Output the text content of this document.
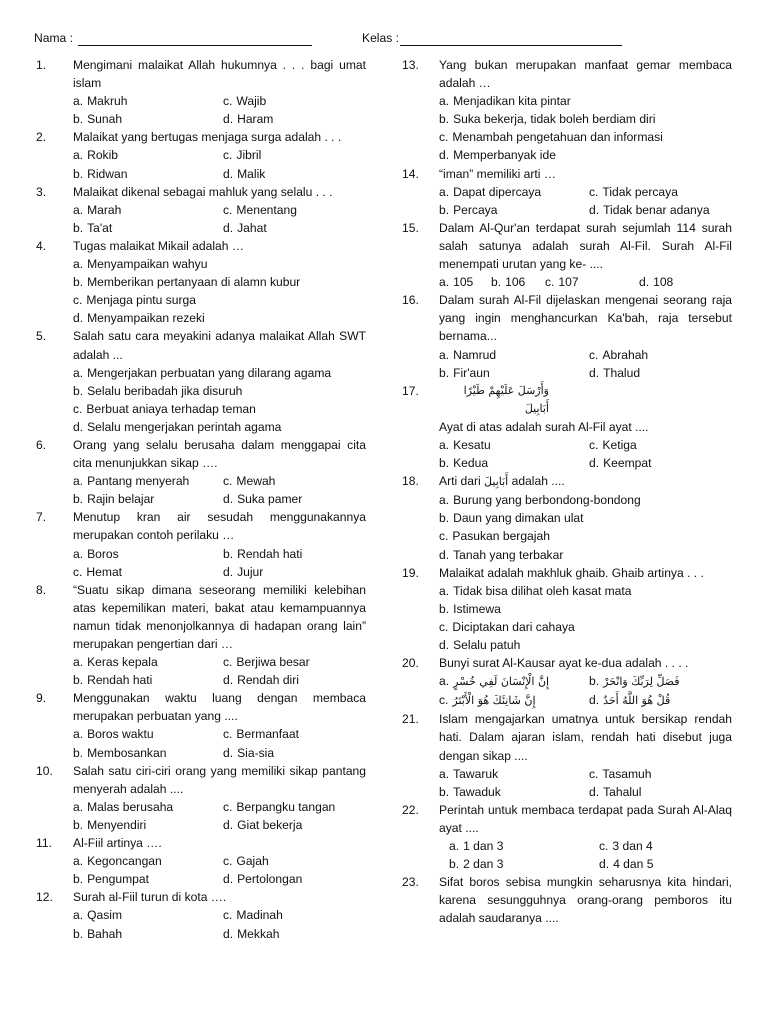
Nama :	Kelas :
1. Mengimani malaikat Allah hukumnya . . . bagi umat islam
a. Makruh	c. Wajib
b. Sunah	d. Haram
2. Malaikat yang bertugas menjaga surga adalah . . .
a. Rokib	c. Jibril
b. Ridwan	d. Malik
3. Malaikat dikenal sebagai mahluk yang selalu . . .
a. Marah	c. Menentang
b. Ta'at	d. Jahat
4. Tugas malaikat Mikail adalah …
a. Menyampaikan wahyu
b. Memberikan pertanyaan di alamn kubur
c. Menjaga pintu surga
d. Menyampaikan rezeki
5. Salah satu cara meyakini adanya malaikat Allah SWT adalah ...
a. Mengerjakan perbuatan yang dilarang agama
b. Selalu beribadah jika disuruh
c. Berbuat aniaya terhadap teman
d. Selalu mengerjakan perintah agama
6. Orang yang selalu berusaha dalam menggapai cita cita menunjukkan sikap ….
a. Pantang menyerah	c. Mewah
b. Rajin belajar	d. Suka pamer
7. Menutup kran air sesudah menggunakannya merupakan contoh perilaku …
a. Boros	b. Rendah hati
c. Hemat	d. Jujur
8. “Suatu sikap dimana seseorang memiliki kelebihan atas kepemilikan materi, bakat atau kemampuannya namun tidak menonjolkannya di hadapan orang lain” merupakan pengertian dari …
a. Keras kepala	c. Berjiwa besar
b. Rendah hati	d. Rendah diri
9. Menggunakan waktu luang dengan membaca merupakan perbuatan yang ....
a. Boros waktu	c. Bermanfaat
b. Membosankan	d. Sia-sia
10. Salah satu ciri-ciri orang yang memiliki sikap pantang menyerah adalah ....
a. Malas berusaha	c. Berpangku tangan
b. Menyendiri	d. Giat bekerja
11. Al-Fiil artinya ….
a. Kegoncangan	c. Gajah
b. Pengumpat	d. Pertolongan
12. Surah al-Fiil turun di kota ….
a. Qasim	c. Madinah
b. Bahah	d. Mekkah
13. Yang bukan merupakan manfaat gemar membaca adalah …
a. Menjadikan kita pintar
b. Suka bekerja, tidak boleh berdiam diri
c. Menambah pengetahuan dan informasi
d. Memperbanyak ide
14. “iman” memiliki arti …
a. Dapat dipercaya	c. Tidak percaya
b. Percaya	d. Tidak benar adanya
15. Dalam Al-Qur'an terdapat surah sejumlah 114 surah salah satunya adalah surah Al-Fil. Surah Al-Fil menempati urutan yang ke- ....
a. 105	b. 106	c. 107	d. 108
16. Dalam surah Al-Fil dijelaskan mengenai seorang raja yang ingin menghancurkan Ka'bah, raja tersebut bernama...
a. Namrud	c. Abrahah
b. Fir'aun	d. Thalud
17.	وَأَرْسَلَ عَلَيْهِمْ طَيْرًا أَبَابِيلَ
Ayat di atas adalah surah Al-Fil ayat ....
a. Kesatu	c. Ketiga
b. Kedua	d. Keempat
18. Arti dari أَبَابِيلَ adalah ....
a. Burung yang berbondong-bondong
b. Daun yang dimakan ulat
c. Pasukan bergajah
d. Tanah yang terbakar
19. Malaikat adalah makhluk ghaib. Ghaib artinya . . .
a. Tidak bisa dilihat oleh kasat mata
b. Istimewa
c. Diciptakan dari cahaya
d. Selalu patuh
20. Bunyi surat Al-Kausar ayat ke-dua adalah . . . .
a. إِنَّ الْإِنْسَانَ لَفِي خُسْرٍ	b. فَصَلِّ لِرَبِّكَ وَانْحَرْ
c. إِنَّ شَانِئَكَ هُوَ الْأَبْتَرُ	d. قُلْ هُوَ اللَّهُ أَحَدٌ
21. Islam mengajarkan umatnya untuk bersikap rendah hati. Dalam ajaran islam, rendah hati disebut juga dengan sikap ....
a. Tawaruk	c. Tasamuh
b. Tawaduk	d. Tahalul
22. Perintah untuk membaca terdapat pada Surah Al-Alaq ayat ....
a. 1 dan 3	c. 3 dan 4
b. 2 dan 3	d. 4 dan 5
23. Sifat boros sebisa mungkin seharusnya kita hindari, karena sesungguhnya orang-orang pemboros itu adalah saudaranya ....
